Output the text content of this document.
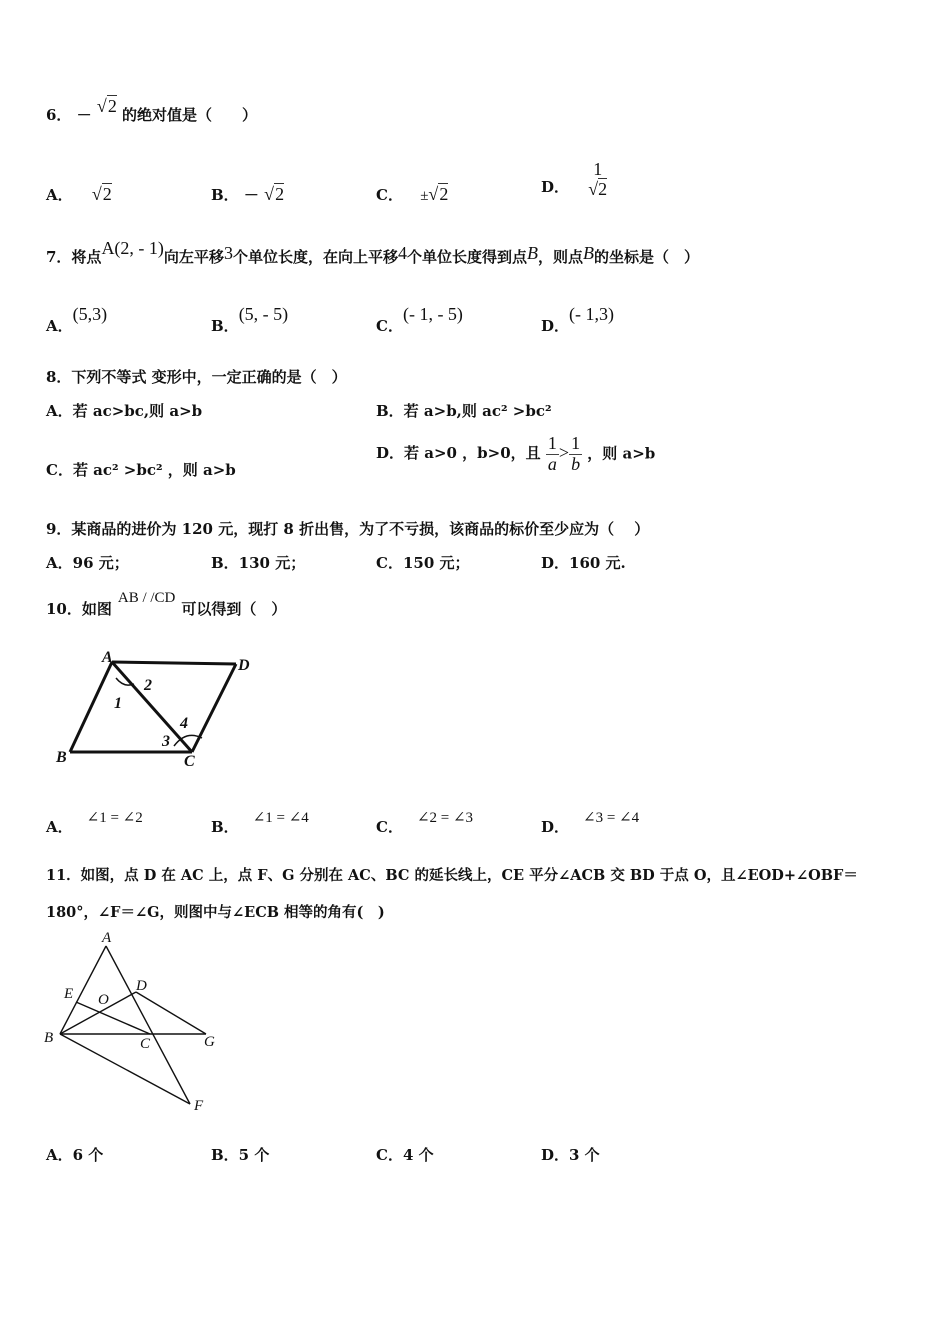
6． － √2 的绝对值是（　　）
A． √2	B． － √2	C． ±√2	D．
1
√2
7．将点A(2, - 1)向左平移3个单位长度，在向上平移4个单位长度得到点B，则点B的坐标是（　）
A．(5,3)
B．(5, - 5)
C．(- 1, - 5)
D．(- 1,3)
8．下列不等式 变形中，一定正确的是（　）
A．若 ac>bc,则 a>b	B．若 a>b,则 ac² >bc²
C．若 ac² >bc² ，则 a>b
D．若 a>0 ，b>0，且 $\frac{1}{a} > \frac{1}{b}$ ，则 a>b
9．某商品的进价为 120 元，现打 8 折出售，为了不亏损，该商品的标价至少应为（　 ）
A．96 元；	B．130 元；	C．150 元；	D．160 元.
10．如图AB / /CD可以得到（　）
A	D
B	C
1
2
3
4
A． ∠1 = ∠2	B． ∠1 = ∠4	C． ∠2 = ∠3	D． ∠3 = ∠4
11．如图，点 D 在 AC 上，点 F、G 分别在 AC、BC 的延长线上，CE 平分∠ACB 交 BD 于点 O，且∠EOD+∠OBF＝
180°，∠F＝∠G，则图中与∠ECB 相等的角有(　)
A
E O
D
B	C	G
F
A．6 个	B．5 个	C．4 个	D．3 个
